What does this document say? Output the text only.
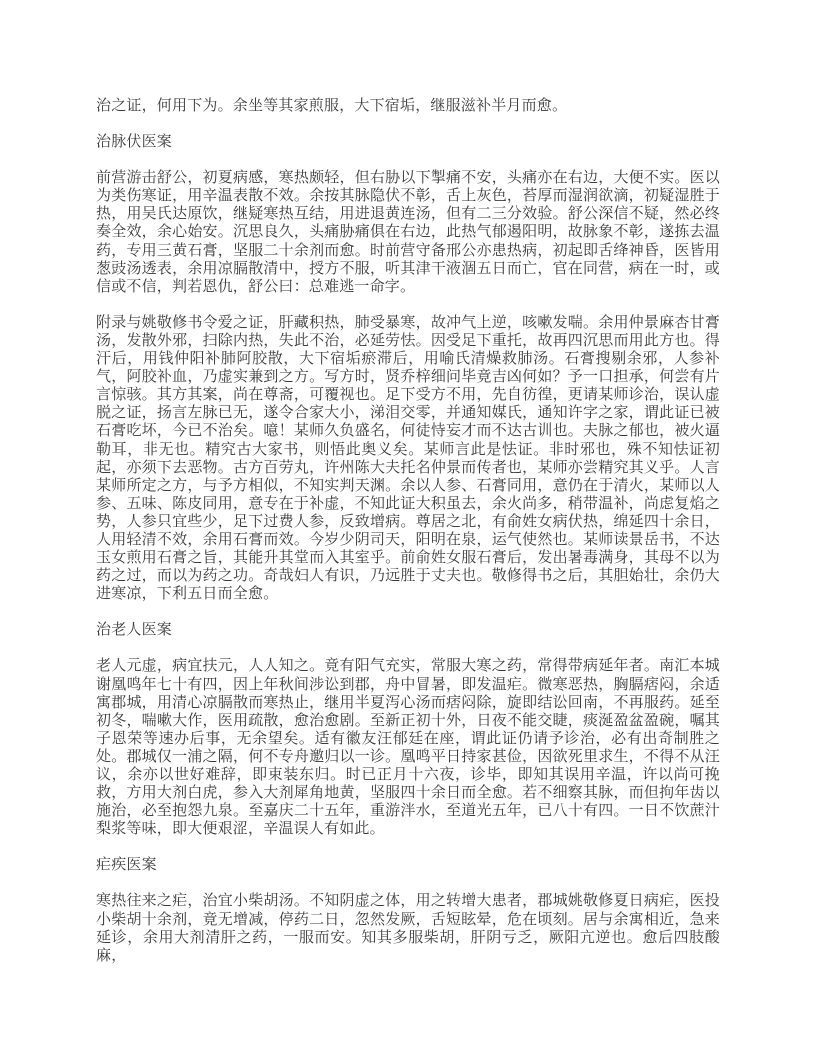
治之证，何用下为。余坐等其家煎服，大下宿垢，继服滋补半月而愈。

治脉伏医案

前营游击舒公，初夏病感，寒热颇轻，但右胁以下掣痛不安，头痛亦在右边，大便不实。医以为类伤寒证，用辛温表散不效。余按其脉隐伏不彰，舌上灰色，苔厚而湿润欲滴，初疑湿胜于热，用吴氏达原饮，继疑寒热互结，用进退黄连汤，但有二三分效验。舒公深信不疑，然必终奏全效，余心始安。沉思良久，头痛胁痛俱在右边，此热气郁遏阳明，故脉象不彰，遂拣去温药，专用三黄石膏，坚服二十余剂而愈。时前营守备邢公亦患热病，初起即舌绛神昏，医皆用葱豉汤透表，余用凉膈散清中，授方不服，听其津干液涸五日而亡，官在同营，病在一时，或信或不信，判若恩仇，舒公曰：总难逃一命字。

附录与姚敬修书令爱之证，肝藏积热，肺受暴寒，故冲气上逆，咳嗽发喘。余用仲景麻杏甘膏汤，发散外邪，扫除内热，失此不治，必延劳怯。因受足下重托，故再四沉思而用此方也。得汗后，用钱仲阳补肺阿胶散，大下宿垢瘀滞后，用喻氏清燥救肺汤。石膏搜剔余邪，人参补气，阿胶补血，乃虚实兼到之方。写方时，贤乔梓细问毕竟吉凶何如？予一口担承，何尝有片言惊骇。其方其案，尚在尊斋，可覆视也。足下受方不用，先自彷徨，更请某师诊治，误认虚脱之证，扬言左脉已无，遂令合家大小，涕泪交零，并通知媒氏，通知许字之家，谓此证已被石膏吃坏，今已不治矣。噫！某师久负盛名，何徒恃妄才而不达古训也。夫脉之郁也，被火逼勒耳，非无也。精究古大家书，则悟此奥义矣。某师言此是怯证。非时邪也，殊不知怯证初起，亦须下去恶物。古方百劳丸，许州陈大夫托名仲景而传者也，某师亦尝精究其义乎。人言某师所定之方，与予方相似，不知实判天渊。余以人参、石膏同用，意仍在于清火，某师以人参、五味、陈皮同用，意专在于补虚，不知此证大积虽去，余火尚多，稍带温补，尚虑复焰之势，人参只宜些少，足下过费人参，反致增病。尊居之北，有俞姓女病伏热，绵延四十余日，人用轻清不效，余用石膏而效。今岁少阴司天，阳明在泉，运气使然也。某师读景岳书，不达玉女煎用石膏之旨，其能升其堂而入其室乎。前俞姓女服石膏后，发出暑毒满身，其母不以为药之过，而以为药之功。奇哉妇人有识，乃远胜于丈夫也。敬修得书之后，其胆始壮，余仍大进寒凉，下利五日而全愈。

治老人医案

老人元虚，病宜扶元，人人知之。竟有阳气充实，常服大寒之药，常得带病延年者。南汇本城谢凰鸣年七十有四，因上年秋间涉讼到郡，舟中冒暑，即发温疟。微寒恶热，胸膈痞闷，余适寓郡城，用清心凉膈散而寒热止，继用半夏泻心汤而痞闷除，旋即结讼回南，不再服药。延至初冬，喘嗽大作，医用疏散，愈治愈剧。至新正初十外，日夜不能交睫，痰涎盈盆盈碗，嘱其子恩荣等速办后事，无余望矣。适有徽友汪郁廷在座，谓此证仍请予诊治，必有出奇制胜之处。郡城仅一浦之隔，何不专舟邀归以一诊。凰鸣平日持家甚俭，因欲死里求生，不得不从汪议，余亦以世好难辞，即束装东归。时已正月十六夜，诊毕，即知其误用辛温，许以尚可挽救，方用大剂白虎，参入大剂犀角地黄，坚服四十余日而全愈。若不细察其脉，而但拘年齿以施治，必至抱怨九泉。至嘉庆二十五年，重游泮水，至道光五年，已八十有四。一日不饮蔗汁梨浆等味，即大便艰涩，辛温误人有如此。

疟疾医案

寒热往来之疟，治宜小柴胡汤。不知阴虚之体，用之转增大患者，郡城姚敬修夏日病疟，医投小柴胡十余剂，竟无增减，停药二日，忽然发厥，舌短眩晕，危在顷刻。居与余寓相近，急来延诊，余用大剂清肝之药，一服而安。知其多服柴胡，肝阴亏乏，厥阳亢逆也。愈后四肢酸麻，
